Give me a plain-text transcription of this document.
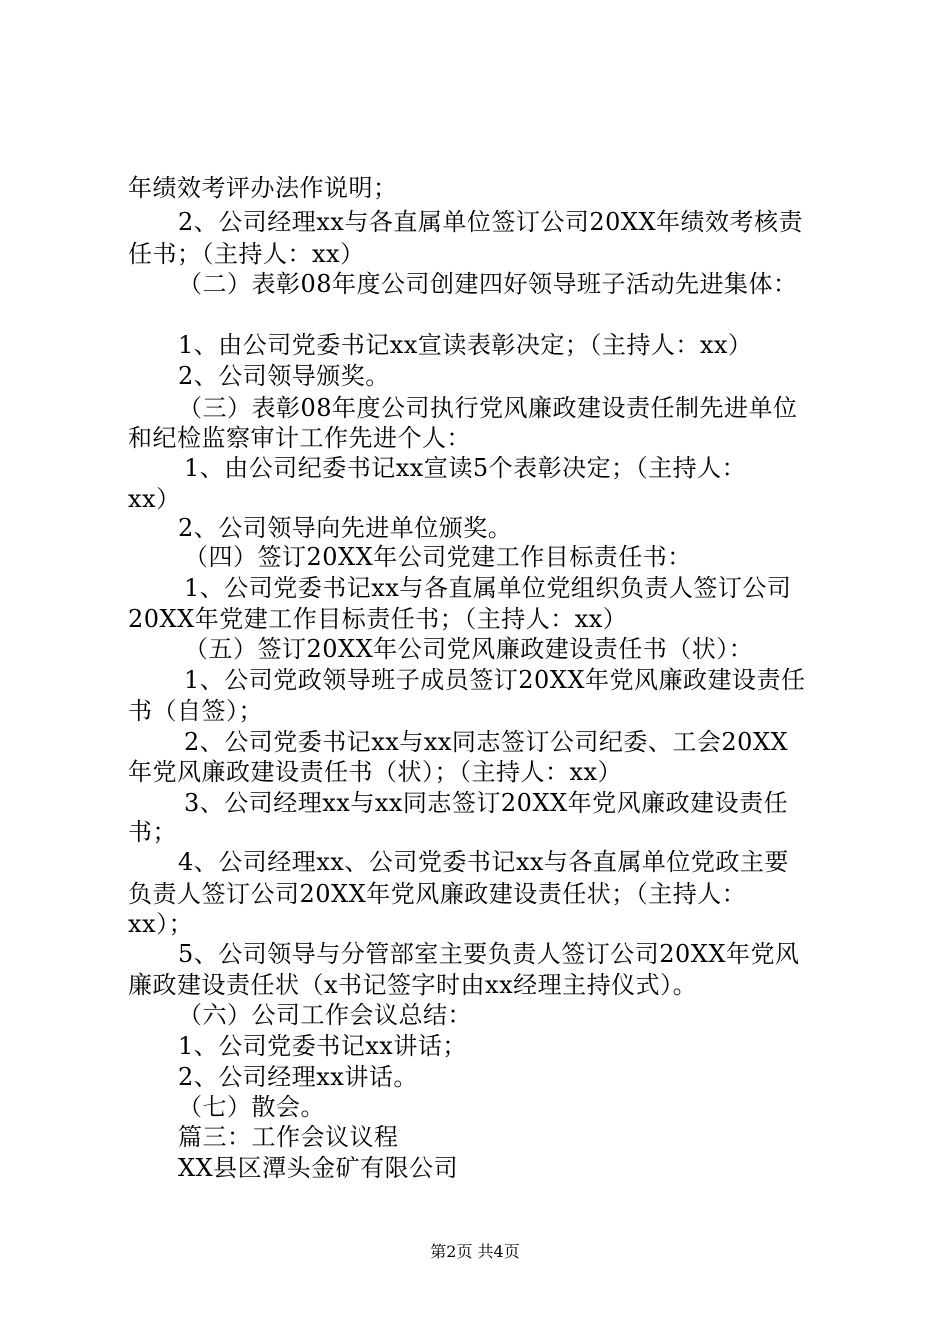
年绩效考评办法作说明；
2、公司经理xx与各直属单位签订公司20XX年绩效考核责
任书；（主持人：xx）
（二）表彰08年度公司创建四好领导班子活动先进集体：
1、由公司党委书记xx宣读表彰决定；（主持人：xx）
2、公司领导颁奖。
（三）表彰08年度公司执行党风廉政建设责任制先进单位
和纪检监察审计工作先进个人：
1、由公司纪委书记xx宣读5个表彰决定；（主持人：
xx）
2、公司领导向先进单位颁奖。
（四）签订20XX年公司党建工作目标责任书：
1、公司党委书记xx与各直属单位党组织负责人签订公司
20XX年党建工作目标责任书；（主持人：xx）
（五）签订20XX年公司党风廉政建设责任书（状）：
1、公司党政领导班子成员签订20XX年党风廉政建设责任
书（自签）；
2、公司党委书记xx与xx同志签订公司纪委、工会20XX
年党风廉政建设责任书（状）；（主持人：xx）
3、公司经理xx与xx同志签订20XX年党风廉政建设责任
书；
4、公司经理xx、公司党委书记xx与各直属单位党政主要
负责人签订公司20XX年党风廉政建设责任状；（主持人：
xx）；
5、公司领导与分管部室主要负责人签订公司20XX年党风
廉政建设责任状（x书记签字时由xx经理主持仪式）。
（六）公司工作会议总结：
1、公司党委书记xx讲话；
2、公司经理xx讲话。
（七）散会。
篇三：工作会议议程
XX县区潭头金矿有限公司
第2页 共4页
